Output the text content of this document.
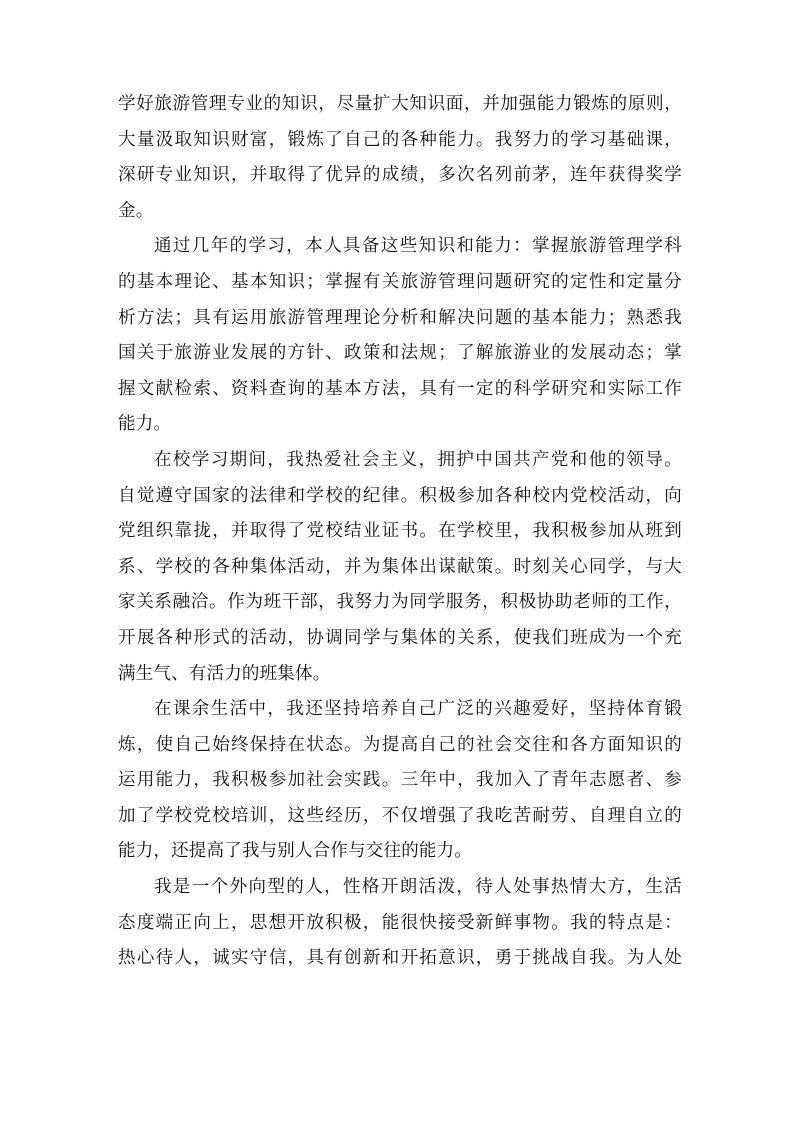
学好旅游管理专业的知识，尽量扩大知识面，并加强能力锻炼的原则，
大量汲取知识财富，锻炼了自己的各种能力。我努力的学习基础课，
深研专业知识，并取得了优异的成绩，多次名列前茅，连年获得奖学
金。
通过几年的学习，本人具备这些知识和能力：掌握旅游管理学科
的基本理论、基本知识；掌握有关旅游管理问题研究的定性和定量分
析方法；具有运用旅游管理理论分析和解决问题的基本能力；熟悉我
国关于旅游业发展的方针、政策和法规；了解旅游业的发展动态；掌
握文献检索、资料查询的基本方法，具有一定的科学研究和实际工作
能力。
在校学习期间，我热爱社会主义，拥护中国共产党和他的领导。
自觉遵守国家的法律和学校的纪律。积极参加各种校内党校活动，向
党组织靠拢，并取得了党校结业证书。在学校里，我积极参加从班到
系、学校的各种集体活动，并为集体出谋献策。时刻关心同学，与大
家关系融洽。作为班干部，我努力为同学服务，积极协助老师的工作，
开展各种形式的活动，协调同学与集体的关系，使我们班成为一个充
满生气、有活力的班集体。
在课余生活中，我还坚持培养自己广泛的兴趣爱好，坚持体育锻
炼，使自己始终保持在状态。为提高自己的社会交往和各方面知识的
运用能力，我积极参加社会实践。三年中，我加入了青年志愿者、参
加了学校党校培训，这些经历，不仅增强了我吃苦耐劳、自理自立的
能力，还提高了我与别人合作与交往的能力。
我是一个外向型的人，性格开朗活泼，待人处事热情大方，生活
态度端正向上，思想开放积极，能很快接受新鲜事物。我的特点是：
热心待人，诚实守信，具有创新和开拓意识，勇于挑战自我。为人处
